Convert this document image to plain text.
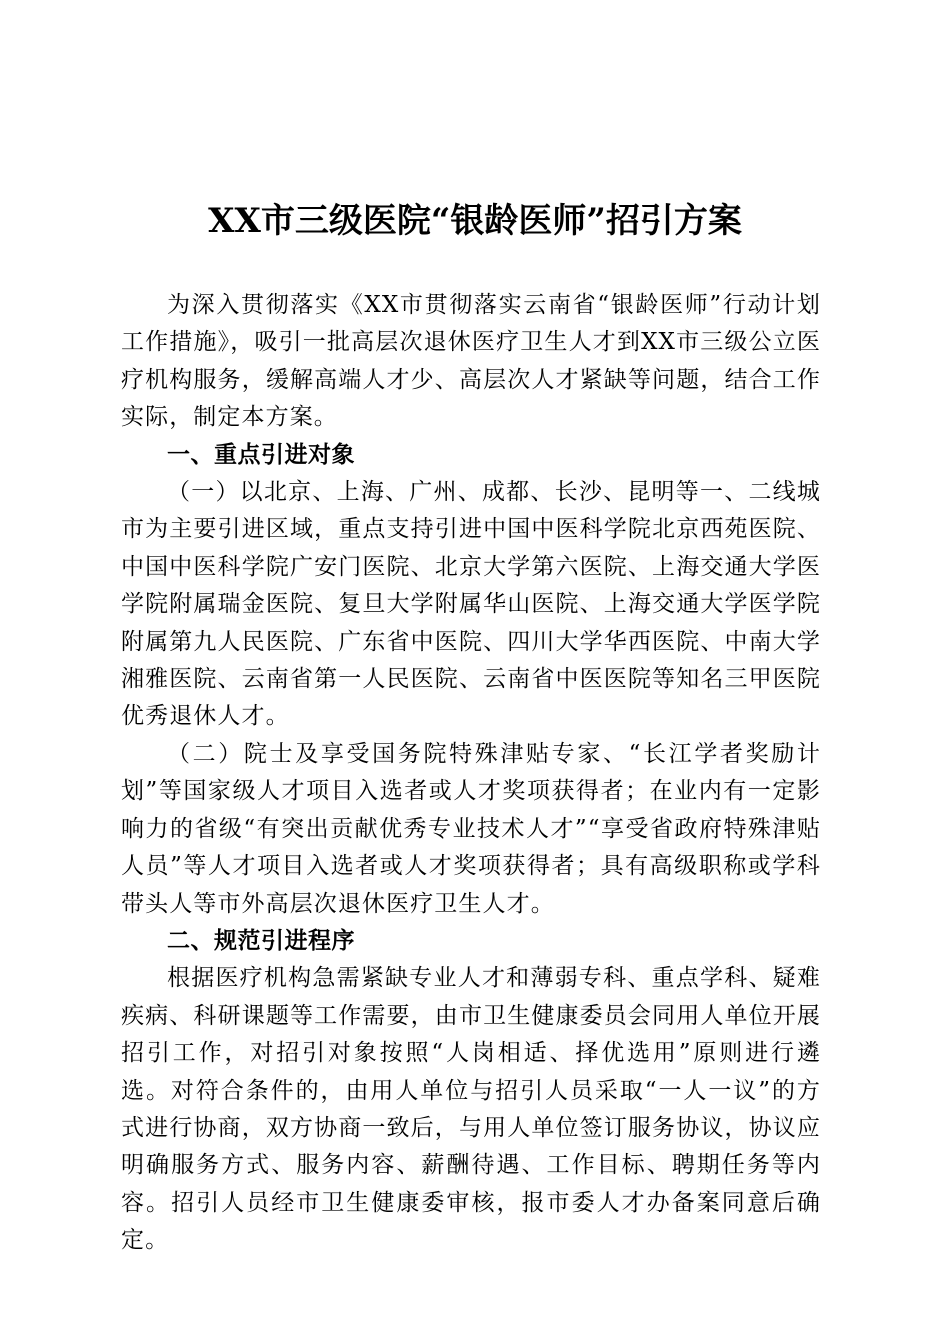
XX市三级医院“银龄医师”招引方案

为深入贯彻落实《XX市贯彻落实云南省“银龄医师”行动计划工作措施》，吸引一批高层次退休医疗卫生人才到XX市三级公立医疗机构服务，缓解高端人才少、高层次人才紧缺等问题，结合工作实际，制定本方案。

一、重点引进对象

（一）以北京、上海、广州、成都、长沙、昆明等一、二线城市为主要引进区域，重点支持引进中国中医科学院北京西苑医院、中国中医科学院广安门医院、北京大学第六医院、上海交通大学医学院附属瑞金医院、复旦大学附属华山医院、上海交通大学医学院附属第九人民医院、广东省中医院、四川大学华西医院、中南大学湘雅医院、云南省第一人民医院、云南省中医医院等知名三甲医院优秀退休人才。

（二）院士及享受国务院特殊津贴专家、“长江学者奖励计划”等国家级人才项目入选者或人才奖项获得者；在业内有一定影响力的省级“有突出贡献优秀专业技术人才”“享受省政府特殊津贴人员”等人才项目入选者或人才奖项获得者；具有高级职称或学科带头人等市外高层次退休医疗卫生人才。

二、规范引进程序

根据医疗机构急需紧缺专业人才和薄弱专科、重点学科、疑难疾病、科研课题等工作需要，由市卫生健康委员会同用人单位开展招引工作，对招引对象按照“人岗相适、择优选用”原则进行遴选。对符合条件的，由用人单位与招引人员采取“一人一议”的方式进行协商，双方协商一致后，与用人单位签订服务协议，协议应明确服务方式、服务内容、薪酬待遇、工作目标、聘期任务等内容。招引人员经市卫生健康委审核，报市委人才办备案同意后确定。
